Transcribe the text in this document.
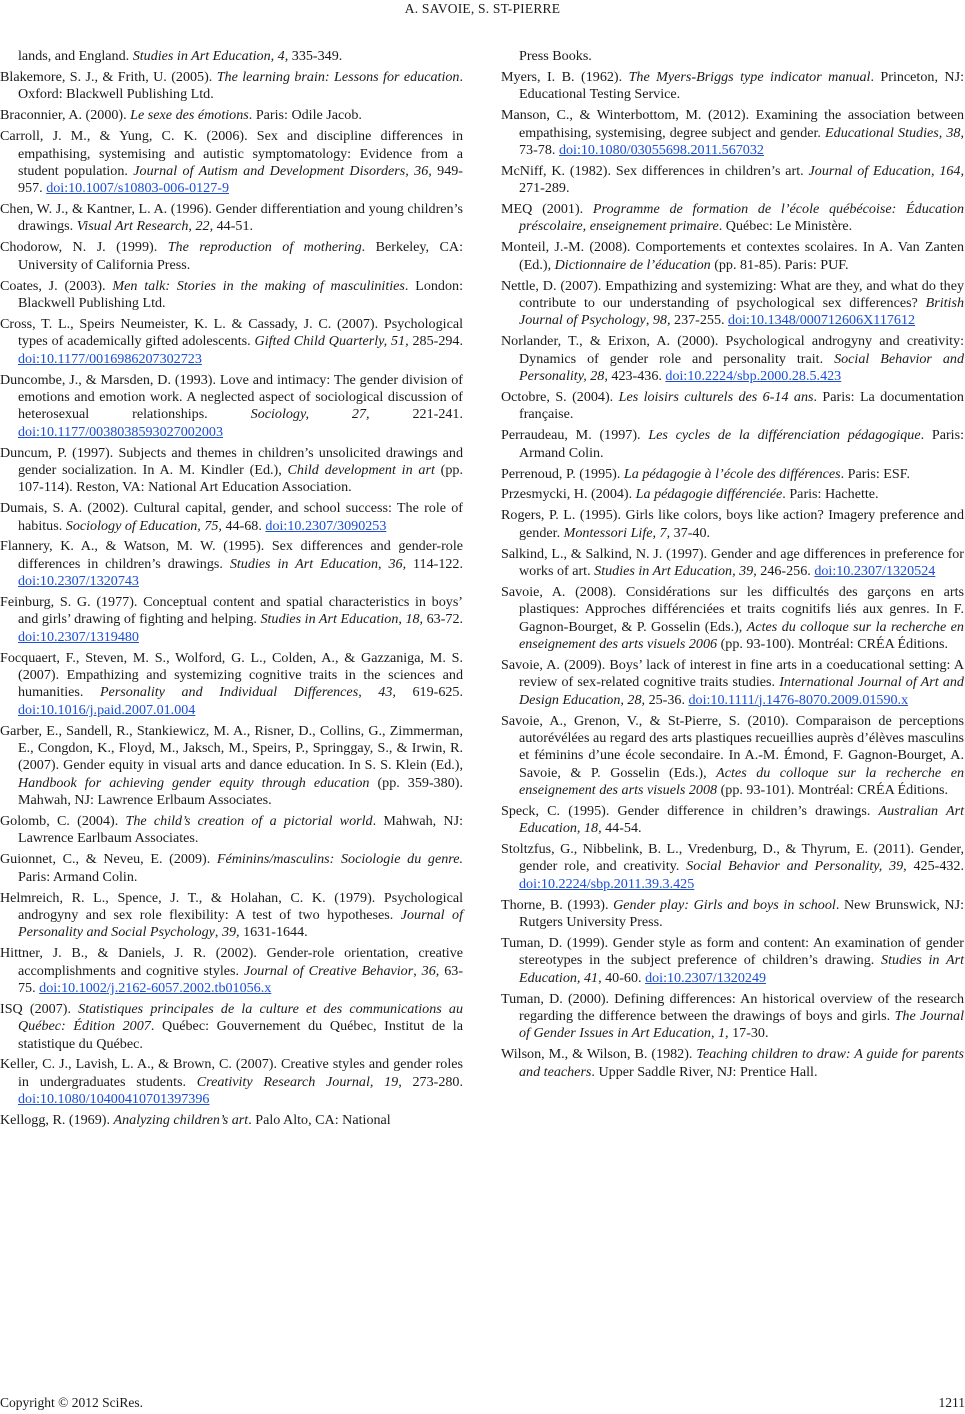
A. SAVOIE, S. ST-PIERRE

lands, and England. Studies in Art Education, 4, 335-349.

Blakemore, S. J., & Frith, U. (2005). The learning brain: Lessons for education. Oxford: Blackwell Publishing Ltd.

Braconnier, A. (2000). Le sexe des émotions. Paris: Odile Jacob.

Carroll, J. M., & Yung, C. K. (2006). Sex and discipline differences in empathising, systemising and autistic symptomatology: Evidence from a student population. Journal of Autism and Development Disorders, 36, 949-957. doi:10.1007/s10803-006-0127-9

Chen, W. J., & Kantner, L. A. (1996). Gender differentiation and young children’s drawings. Visual Art Research, 22, 44-51.

Chodorow, N. J. (1999). The reproduction of mothering. Berkeley, CA: University of California Press.

Coates, J. (2003). Men talk: Stories in the making of masculinities. London: Blackwell Publishing Ltd.

Cross, T. L., Speirs Neumeister, K. L. & Cassady, J. C. (2007). Psychological types of academically gifted adolescents. Gifted Child Quarterly, 51, 285-294. doi:10.1177/0016986207302723

Duncombe, J., & Marsden, D. (1993). Love and intimacy: The gender division of emotions and emotion work. A neglected aspect of sociological discussion of heterosexual relationships. Sociology, 27, 221-241. doi:10.1177/0038038593027002003

Duncum, P. (1997). Subjects and themes in children’s unsolicited drawings and gender socialization. In A. M. Kindler (Ed.), Child development in art (pp. 107-114). Reston, VA: National Art Education Association.

Dumais, S. A. (2002). Cultural capital, gender, and school success: The role of habitus. Sociology of Education, 75, 44-68. doi:10.2307/3090253

Flannery, K. A., & Watson, M. W. (1995). Sex differences and gender-role differences in children’s drawings. Studies in Art Education, 36, 114-122. doi:10.2307/1320743

Feinburg, S. G. (1977). Conceptual content and spatial characteristics in boys’ and girls’ drawing of fighting and helping. Studies in Art Education, 18, 63-72. doi:10.2307/1319480

Focquaert, F., Steven, M. S., Wolford, G. L., Colden, A., & Gazzaniga, M. S. (2007). Empathizing and systemizing cognitive traits in the sciences and humanities. Personality and Individual Differences, 43, 619-625. doi:10.1016/j.paid.2007.01.004

Garber, E., Sandell, R., Stankiewicz, M. A., Risner, D., Collins, G., Zimmerman, E., Congdon, K., Floyd, M., Jaksch, M., Speirs, P., Springgay, S., & Irwin, R. (2007). Gender equity in visual arts and dance education. In S. S. Klein (Ed.), Handbook for achieving gender equity through education (pp. 359-380). Mahwah, NJ: Lawrence Erlbaum Associates.

Golomb, C. (2004). The child’s creation of a pictorial world. Mahwah, NJ: Lawrence Earlbaum Associates.

Guionnet, C., & Neveu, E. (2009). Féminins/masculins: Sociologie du genre. Paris: Armand Colin.

Helmreich, R. L., Spence, J. T., & Holahan, C. K. (1979). Psychological androgyny and sex role flexibility: A test of two hypotheses. Journal of Personality and Social Psychology, 39, 1631-1644.

Hittner, J. B., & Daniels, J. R. (2002). Gender-role orientation, creative accomplishments and cognitive styles. Journal of Creative Behavior, 36, 63-75. doi:10.1002/j.2162-6057.2002.tb01056.x

ISQ (2007). Statistiques principales de la culture et des communications au Québec: Édition 2007. Québec: Gouvernement du Québec, Institut de la statistique du Québec.

Keller, C. J., Lavish, L. A., & Brown, C. (2007). Creative styles and gender roles in undergraduates students. Creativity Research Journal, 19, 273-280. doi:10.1080/10400410701397396

Kellogg, R. (1969). Analyzing children’s art. Palo Alto, CA: National

Press Books.

Myers, I. B. (1962). The Myers-Briggs type indicator manual. Princeton, NJ: Educational Testing Service.

Manson, C., & Winterbottom, M. (2012). Examining the association between empathising, systemising, degree subject and gender. Educational Studies, 38, 73-78. doi:10.1080/03055698.2011.567032

McNiff, K. (1982). Sex differences in children’s art. Journal of Education, 164, 271-289.

MEQ (2001). Programme de formation de l’école québécoise: Éducation préscolaire, enseignement primaire. Québec: Le Ministère.

Monteil, J.-M. (2008). Comportements et contextes scolaires. In A. Van Zanten (Ed.), Dictionnaire de l’éducation (pp. 81-85). Paris: PUF.

Nettle, D. (2007). Empathizing and systemizing: What are they, and what do they contribute to our understanding of psychological sex differences? British Journal of Psychology, 98, 237-255. doi:10.1348/000712606X117612

Norlander, T., & Erixon, A. (2000). Psychological androgyny and creativity: Dynamics of gender role and personality trait. Social Behavior and Personality, 28, 423-436. doi:10.2224/sbp.2000.28.5.423

Octobre, S. (2004). Les loisirs culturels des 6-14 ans. Paris: La documentation française.

Perraudeau, M. (1997). Les cycles de la différenciation pédagogique. Paris: Armand Colin.

Perrenoud, P. (1995). La pédagogie à l’école des différences. Paris: ESF.

Przesmycki, H. (2004). La pédagogie différenciée. Paris: Hachette.

Rogers, P. L. (1995). Girls like colors, boys like action? Imagery preference and gender. Montessori Life, 7, 37-40.

Salkind, L., & Salkind, N. J. (1997). Gender and age differences in preference for works of art. Studies in Art Education, 39, 246-256. doi:10.2307/1320524

Savoie, A. (2008). Considérations sur les difficultés des garçons en arts plastiques: Approches différenciées et traits cognitifs liés aux genres. In F. Gagnon-Bourget, & P. Gosselin (Eds.), Actes du colloque sur la recherche en enseignement des arts visuels 2006 (pp. 93-100). Montréal: CRÉA Éditions.

Savoie, A. (2009). Boys’ lack of interest in fine arts in a coeducational setting: A review of sex-related cognitive traits studies. International Journal of Art and Design Education, 28, 25-36. doi:10.1111/j.1476-8070.2009.01590.x

Savoie, A., Grenon, V., & St-Pierre, S. (2010). Comparaison de perceptions autorévélées au regard des arts plastiques recueillies auprès d’élèves masculins et féminins d’une école secondaire. In A.-M. Émond, F. Gagnon-Bourget, A. Savoie, & P. Gosselin (Eds.), Actes du colloque sur la recherche en enseignement des arts visuels 2008 (pp. 93-101). Montréal: CRÉA Éditions.

Speck, C. (1995). Gender difference in children’s drawings. Australian Art Education, 18, 44-54.

Stoltzfus, G., Nibbelink, B. L., Vredenburg, D., & Thyrum, E. (2011). Gender, gender role, and creativity. Social Behavior and Personality, 39, 425-432. doi:10.2224/sbp.2011.39.3.425

Thorne, B. (1993). Gender play: Girls and boys in school. New Brunswick, NJ: Rutgers University Press.

Tuman, D. (1999). Gender style as form and content: An examination of gender stereotypes in the subject preference of children’s drawing. Studies in Art Education, 41, 40-60. doi:10.2307/1320249

Tuman, D. (2000). Defining differences: An historical overview of the research regarding the difference between the drawings of boys and girls. The Journal of Gender Issues in Art Education, 1, 17-30.

Wilson, M., & Wilson, B. (1982). Teaching children to draw: A guide for parents and teachers. Upper Saddle River, NJ: Prentice Hall.

Copyright © 2012 SciRes.	1211
